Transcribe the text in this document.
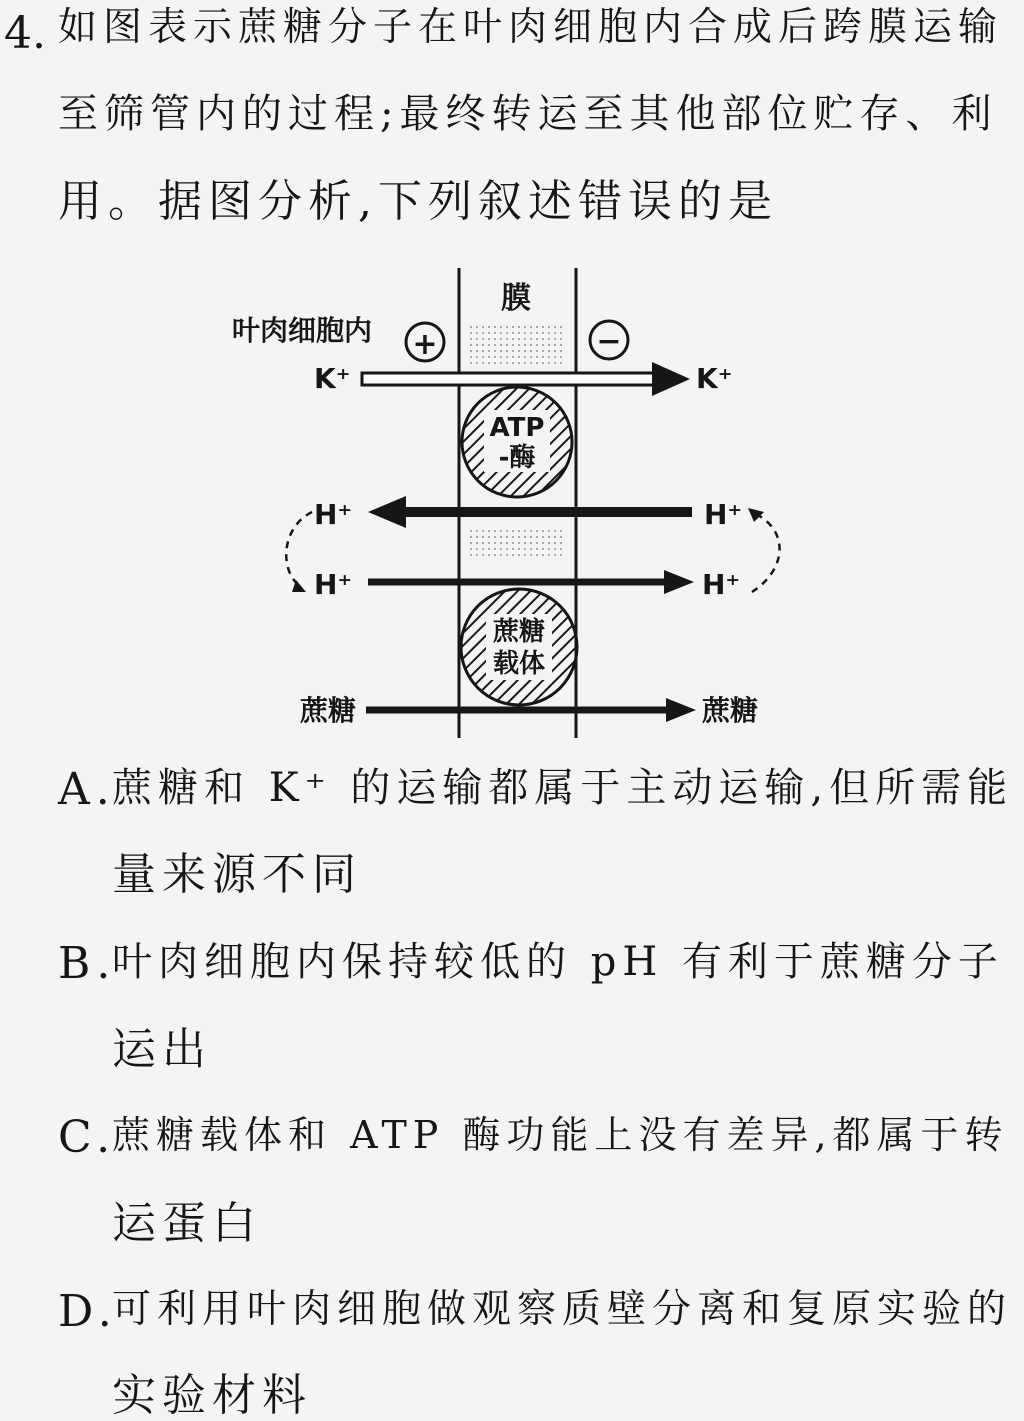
4. 如图表示蔗糖分子在叶肉细胞内合成后跨膜运输
至筛管内的过程;最终转运至其他部位贮存、利
用。据图分析,下列叙述错误的是
膜
叶肉细胞内 +	−
K⁺	K⁺
ATP
-酶
H⁺	H⁺
H⁺	H⁺
蔗糖
载体
蔗糖	蔗糖
A.
蔗糖和 K⁺ 的运输都属于主动运输,但所需能
量来源不同
B.
叶肉细胞内保持较低的 pH 有利于蔗糖分子
运出
C.
蔗糖载体和 ATP 酶功能上没有差异,都属于转
运蛋白
D.
可利用叶肉细胞做观察质壁分离和复原实验的
实验材料
